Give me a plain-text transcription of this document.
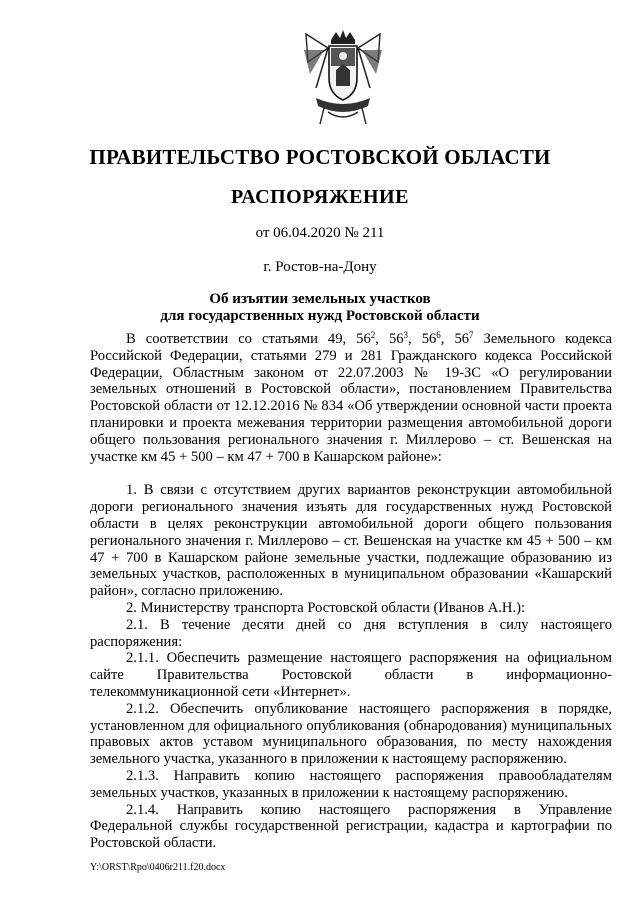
ПРАВИТЕЛЬСТВО РОСТОВСКОЙ ОБЛАСТИ
РАСПОРЯЖЕНИЕ
от 06.04.2020 № 211
г. Ростов-на-Дону
Об изъятии земельных участков
для государственных нужд Ростовской области

В соответствии со статьями 49, $56^2$, $56^3$, $56^6$, $56^7$ Земельного кодекса Российской Федерации, статьями 279 и 281 Гражданского кодекса Российской Федерации, Областным законом от 22.07.2003 № 19-ЗС «О регулировании земельных отношений в Ростовской области», постановлением Правительства Ростовской области от 12.12.2016 № 834 «Об утверждении основной части проекта планировки и проекта межевания территории размещения автомобильной дороги общего пользования регионального значения г. Миллерово – ст. Вешенская на участке км 45 + 500 – км 47 + 700 в Кашарском районе»:

1. В связи с отсутствием других вариантов реконструкции автомобильной дороги регионального значения изъять для государственных нужд Ростовской области в целях реконструкции автомобильной дороги общего пользования регионального значения г. Миллерово – ст. Вешенская на участке км 45 + 500 – км 47 + 700 в Кашарском районе земельные участки, подлежащие образованию из земельных участков, расположенных в муниципальном образовании «Кашарский район», согласно приложению.

2. Министерству транспорта Ростовской области (Иванов А.Н.):

2.1. В течение десяти дней со дня вступления в силу настоящего распоряжения:

2.1.1. Обеспечить размещение настоящего распоряжения на официальном сайте Правительства Ростовской области в информационно-телекоммуникационной сети «Интернет».

2.1.2. Обеспечить опубликование настоящего распоряжения в порядке, установленном для официального опубликования (обнародования) муниципальных правовых актов уставом муниципального образования, по месту нахождения земельного участка, указанного в приложении к настоящему распоряжению.

2.1.3. Направить копию настоящего распоряжения правообладателям земельных участков, указанных в приложении к настоящему распоряжению.

2.1.4. Направить копию настоящего распоряжения в Управление Федеральной службы государственной регистрации, кадастра и картографии по Ростовской области.

Y:\ORST\Rpo\0406r211.f20.docx
